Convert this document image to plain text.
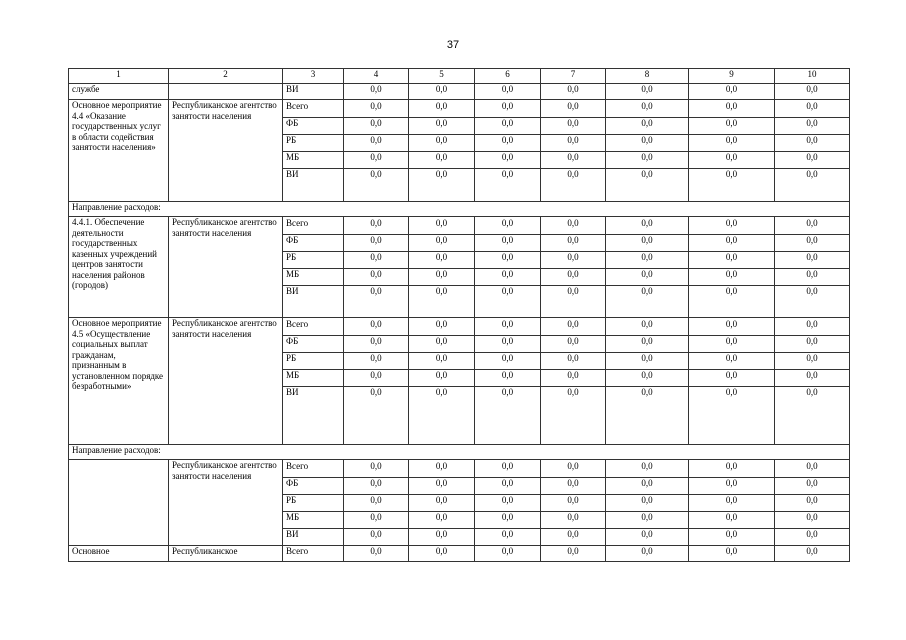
37
1	2	3	4	5	6	7	8	9	10
службе		ВИ	0,0	0,0	0,0	0,0	0,0	0,0	0,0
Основное мероприятие 4.4 «Оказание государственных услуг в области содействия занятости населения»	Республиканское агентство занятости населения	Всего	0,0	0,0	0,0	0,0	0,0	0,0	0,0
		ФБ	0,0	0,0	0,0	0,0	0,0	0,0	0,0
		РБ	0,0	0,0	0,0	0,0	0,0	0,0	0,0
		МБ	0,0	0,0	0,0	0,0	0,0	0,0	0,0
		ВИ	0,0	0,0	0,0	0,0	0,0	0,0	0,0
Направление расходов:									
4.4.1. Обеспечение деятельности государственных казенных учреждений центров занятости населения районов (городов)	Республиканское агентство занятости населения	Всего	0,0	0,0	0,0	0,0	0,0	0,0	0,0
		ФБ	0,0	0,0	0,0	0,0	0,0	0,0	0,0
		РБ	0,0	0,0	0,0	0,0	0,0	0,0	0,0
		МБ	0,0	0,0	0,0	0,0	0,0	0,0	0,0
		ВИ	0,0	0,0	0,0	0,0	0,0	0,0	0,0
Основное мероприятие 4.5 «Осуществление социальных выплат гражданам, признанным в установленном порядке безработными»	Республиканское агентство занятости населения	Всего	0,0	0,0	0,0	0,0	0,0	0,0	0,0
		ФБ	0,0	0,0	0,0	0,0	0,0	0,0	0,0
		РБ	0,0	0,0	0,0	0,0	0,0	0,0	0,0
		МБ	0,0	0,0	0,0	0,0	0,0	0,0	0,0
		ВИ	0,0	0,0	0,0	0,0	0,0	0,0	0,0
Направление расходов:									
	Республиканское агентство занятости населения	Всего	0,0	0,0	0,0	0,0	0,0	0,0	0,0
		ФБ	0,0	0,0	0,0	0,0	0,0	0,0	0,0
		РБ	0,0	0,0	0,0	0,0	0,0	0,0	0,0
		МБ	0,0	0,0	0,0	0,0	0,0	0,0	0,0
		ВИ	0,0	0,0	0,0	0,0	0,0	0,0	0,0
Основное	Республиканское	Всего	0,0	0,0	0,0	0,0	0,0	0,0	0,0
